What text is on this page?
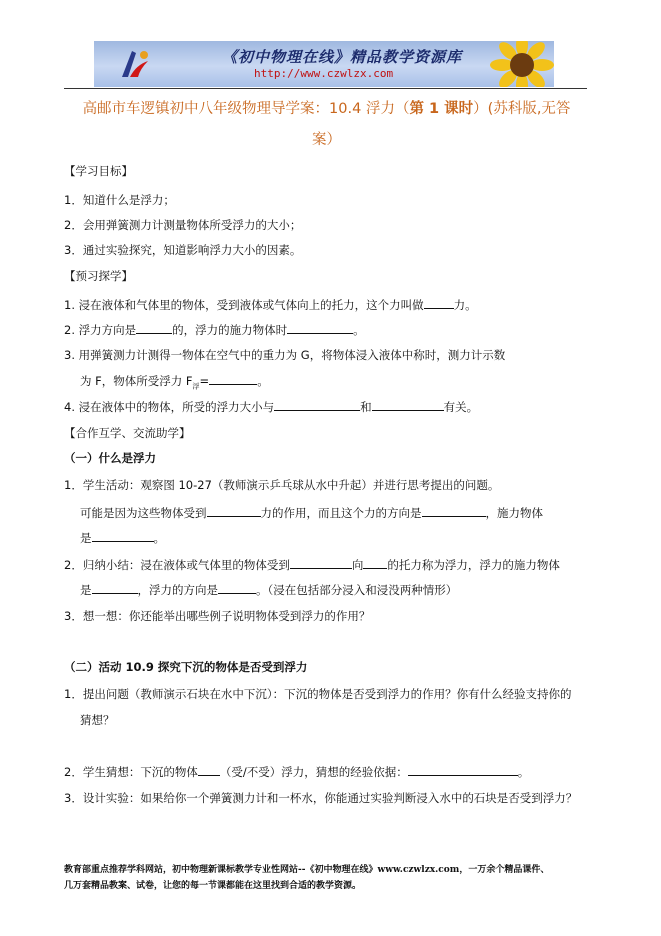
《初中物理在线》精品教学资源库
http://www.czwlzx.com
高邮市车逻镇初中八年级物理导学案：10.4 浮力（第 1 课时）(苏科版,无答
案）
【学习目标】
1．知道什么是浮力；
2．会用弹簧测力计测量物体所受浮力的大小；
3．通过实验探究，知道影响浮力大小的因素。
【预习探学】
1. 浸在液体和气体里的物体，受到液体或气体向上的托力，这个力叫做	力。
2. 浮力方向是	的，浮力的施力物体时	。
3. 用弹簧测力计测得一物体在空气中的重力为 G，将物体浸入液体中称时，测力计示数
为 F，物体所受浮力 $F_浮=$	。
4. 浸在液体中的物体，所受的浮力大小与	和	有关。
【合作互学、交流助学】
（一）什么是浮力
1．学生活动：观察图 10-27（教师演示乒乓球从水中升起）并进行思考提出的问题。
可能是因为这些物体受到	力的作用，而且这个力的方向是	，施力物体
是	。
2．归纳小结：浸在液体或气体里的物体受到	向 的托力称为浮力，浮力的施力物体
是	，浮力的方向是	。（浸在包括部分浸入和浸没两种情形）
3．想一想：你还能举出哪些例子说明物体受到浮力的作用？
（二）活动 10.9 探究下沉的物体是否受到浮力
1．提出问题（教师演示石块在水中下沉）：下沉的物体是否受到浮力的作用？你有什么经验支持你的
猜想？
2．学生猜想：下沉的物体 （受/不受）浮力，猜想的经验依据：	。
3．设计实验：如果给你一个弹簧测力计和一杯水，你能通过实验判断浸入水中的石块是否受到浮力？
教育部重点推荐学科网站，初中物理新课标教学专业性网站--《初中物理在线》www.czwlzx.com，一万余个精品课件、
几万套精品教案、试卷，让您的每一节课都能在这里找到合适的教学资源。
